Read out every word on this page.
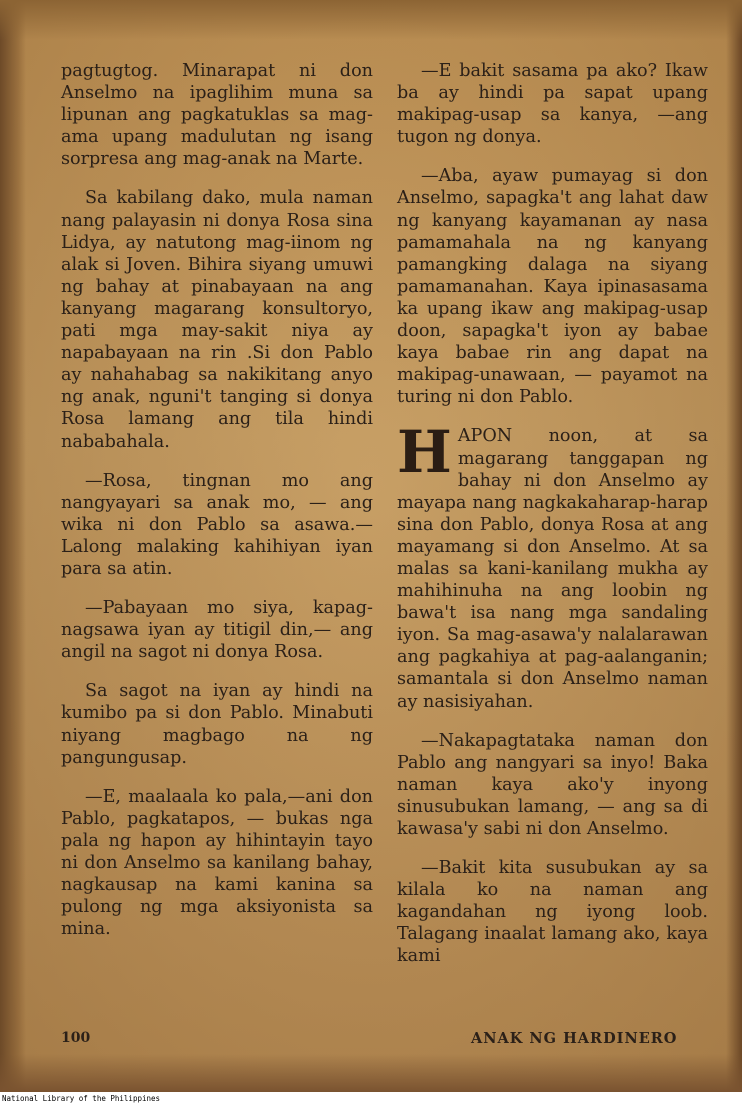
pagtugtog. Minarapat ni don Anselmo na ipaglihim muna sa lipunan ang pagkatuklas sa mag-ama upang madulutan ng isang sorpresa ang mag-anak na Marte.

Sa kabilang dako, mula naman nang palayasin ni donya Rosa sina Lidya, ay natutong mag-iinom ng alak si Joven. Bihira siyang umuwi ng bahay at pinabayaan na ang kanyang magarang konsultoryo, pati mga may-sakit niya ay napabayaan na rin .Si don Pablo ay nahahabag sa nakikitang anyo ng anak, nguni't tanging si donya Rosa lamang ang tila hindi nababahala.

—Rosa, tingnan mo ang nangyayari sa anak mo, — ang wika ni don Pablo sa asawa.— Lalong malaking kahihiyan iyan para sa atin.

—Pabayaan mo siya, kapag-nagsawa iyan ay titigil din,— ang angil na sagot ni donya Rosa.

Sa sagot na iyan ay hindi na kumibo pa si don Pablo. Minabuti niyang magbago na ng pangungusap.

—E, maalaala ko pala,—ani don Pablo, pagkatapos, — bukas nga pala ng hapon ay hihintayin tayo ni don Anselmo sa kanilang bahay, nagkausap na kami kanina sa pulong ng mga aksiyonista sa mina.

—E bakit sasama pa ako? Ikaw ba ay hindi pa sapat upang makipag-usap sa kanya, —ang tugon ng donya.

—Aba, ayaw pumayag si don Anselmo, sapagka't ang lahat daw ng kanyang kayamanan ay nasa pamamahala na ng kanyang pamangking dalaga na siyang pamamanahan. Kaya ipinasasama ka upang ikaw ang makipag-usap doon, sapagka't iyon ay babae kaya babae rin ang dapat na makipag-unawaan, — payamot na turing ni don Pablo.

HAPON noon, at sa magarang tanggapan ng bahay ni don Anselmo ay mayapa nang nagkakaharap-harap sina don Pablo, donya Rosa at ang mayamang si don Anselmo. At sa malas sa kani-kanilang mukha ay mahihinuha na ang loobin ng bawa't isa nang mga sandaling iyon. Sa mag-asawa'y nalalarawan ang pagkahiya at pag-aalanganin; samantala si don Anselmo naman ay nasisiyahan.

—Nakapagtataka naman don Pablo ang nangyari sa inyo! Baka naman kaya ako'y inyong sinusubukan lamang, — ang sa di kawasa'y sabi ni don Anselmo.

—Bakit kita susubukan ay sa kilala ko na naman ang kagandahan ng iyong loob. Talagang inaalat lamang ako, kaya kami

100	ANAK NG HARDINERO
National Library of the Philippines
